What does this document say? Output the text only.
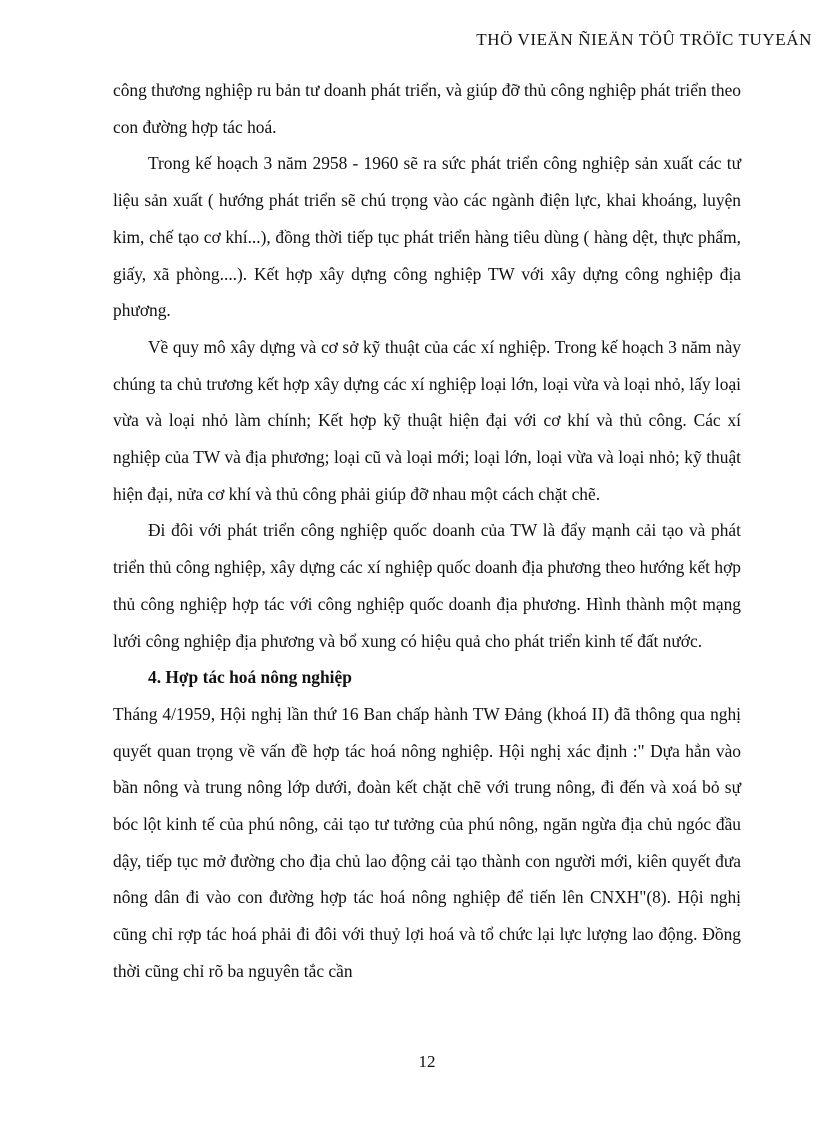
THÖ VIEÄN ÑIEÄN TÖÛ TRÖÏC TUYEÁN

công thương nghiệp ru bản tư doanh phát triển, và giúp đỡ thủ công nghiệp phát triển theo con đường hợp tác hoá.

Trong kế hoạch 3 năm 2958 - 1960 sẽ ra sức phát triển công nghiệp sản xuất các tư liệu sản xuất ( hướng phát triển sẽ chú trọng vào các ngành điện lực, khai khoáng, luyện kim, chế tạo cơ khí...), đồng thời tiếp tục phát triển hàng tiêu dùng ( hàng dệt, thực phẩm, giấy, xã phòng....). Kết hợp xây dựng công nghiệp TW với xây dựng công nghiệp địa phương.

Về quy mô xây dựng và cơ sở kỹ thuật của các xí nghiệp. Trong kế hoạch 3 năm này chúng ta chủ trương kết hợp xây dựng các xí nghiệp loại lớn, loại vừa và loại nhỏ, lấy loại vừa và loại nhỏ làm chính; Kết hợp kỹ thuật hiện đại với cơ khí và thủ công. Các xí nghiệp của TW và địa phương; loại cũ và loại mới; loại lớn, loại vừa và loại nhỏ; kỹ thuật hiện đại, nửa cơ khí và thủ công phải giúp đỡ nhau một cách chặt chẽ.

Đi đôi với phát triển công nghiệp quốc doanh của TW là đẩy mạnh cải tạo và phát triển thủ công nghiệp, xây dựng các xí nghiệp quốc doanh địa phương theo hướng kết hợp thủ công nghiệp hợp tác với công nghiệp quốc doanh địa phương. Hình thành một mạng lưới công nghiệp địa phương và bổ xung có hiệu quả cho phát triển kinh tế đất nước.

4. Hợp tác hoá nông nghiệp

Tháng 4/1959, Hội nghị lần thứ 16 Ban chấp hành TW Đảng (khoá II) đã thông qua nghị quyết quan trọng về vấn đề hợp tác hoá nông nghiệp. Hội nghị xác định :" Dựa hẳn vào bần nông và trung nông lớp dưới, đoàn kết chặt chẽ với trung nông, đi đến và xoá bỏ sự bóc lột kinh tế của phú nông, cải tạo tư tưởng của phú nông, ngăn ngừa địa chủ ngóc đầu dậy, tiếp tục mở đường cho địa chủ lao động cải tạo thành con người mới, kiên quyết đưa nông dân đi vào con đường hợp tác hoá nông nghiệp để tiến lên CNXH"(8). Hội nghị cũng chỉ rợp tác hoá phải đi đôi với thuỷ lợi hoá và tổ chức lại lực lượng lao động. Đồng thời cũng chỉ rõ ba nguyên tắc cần

12
